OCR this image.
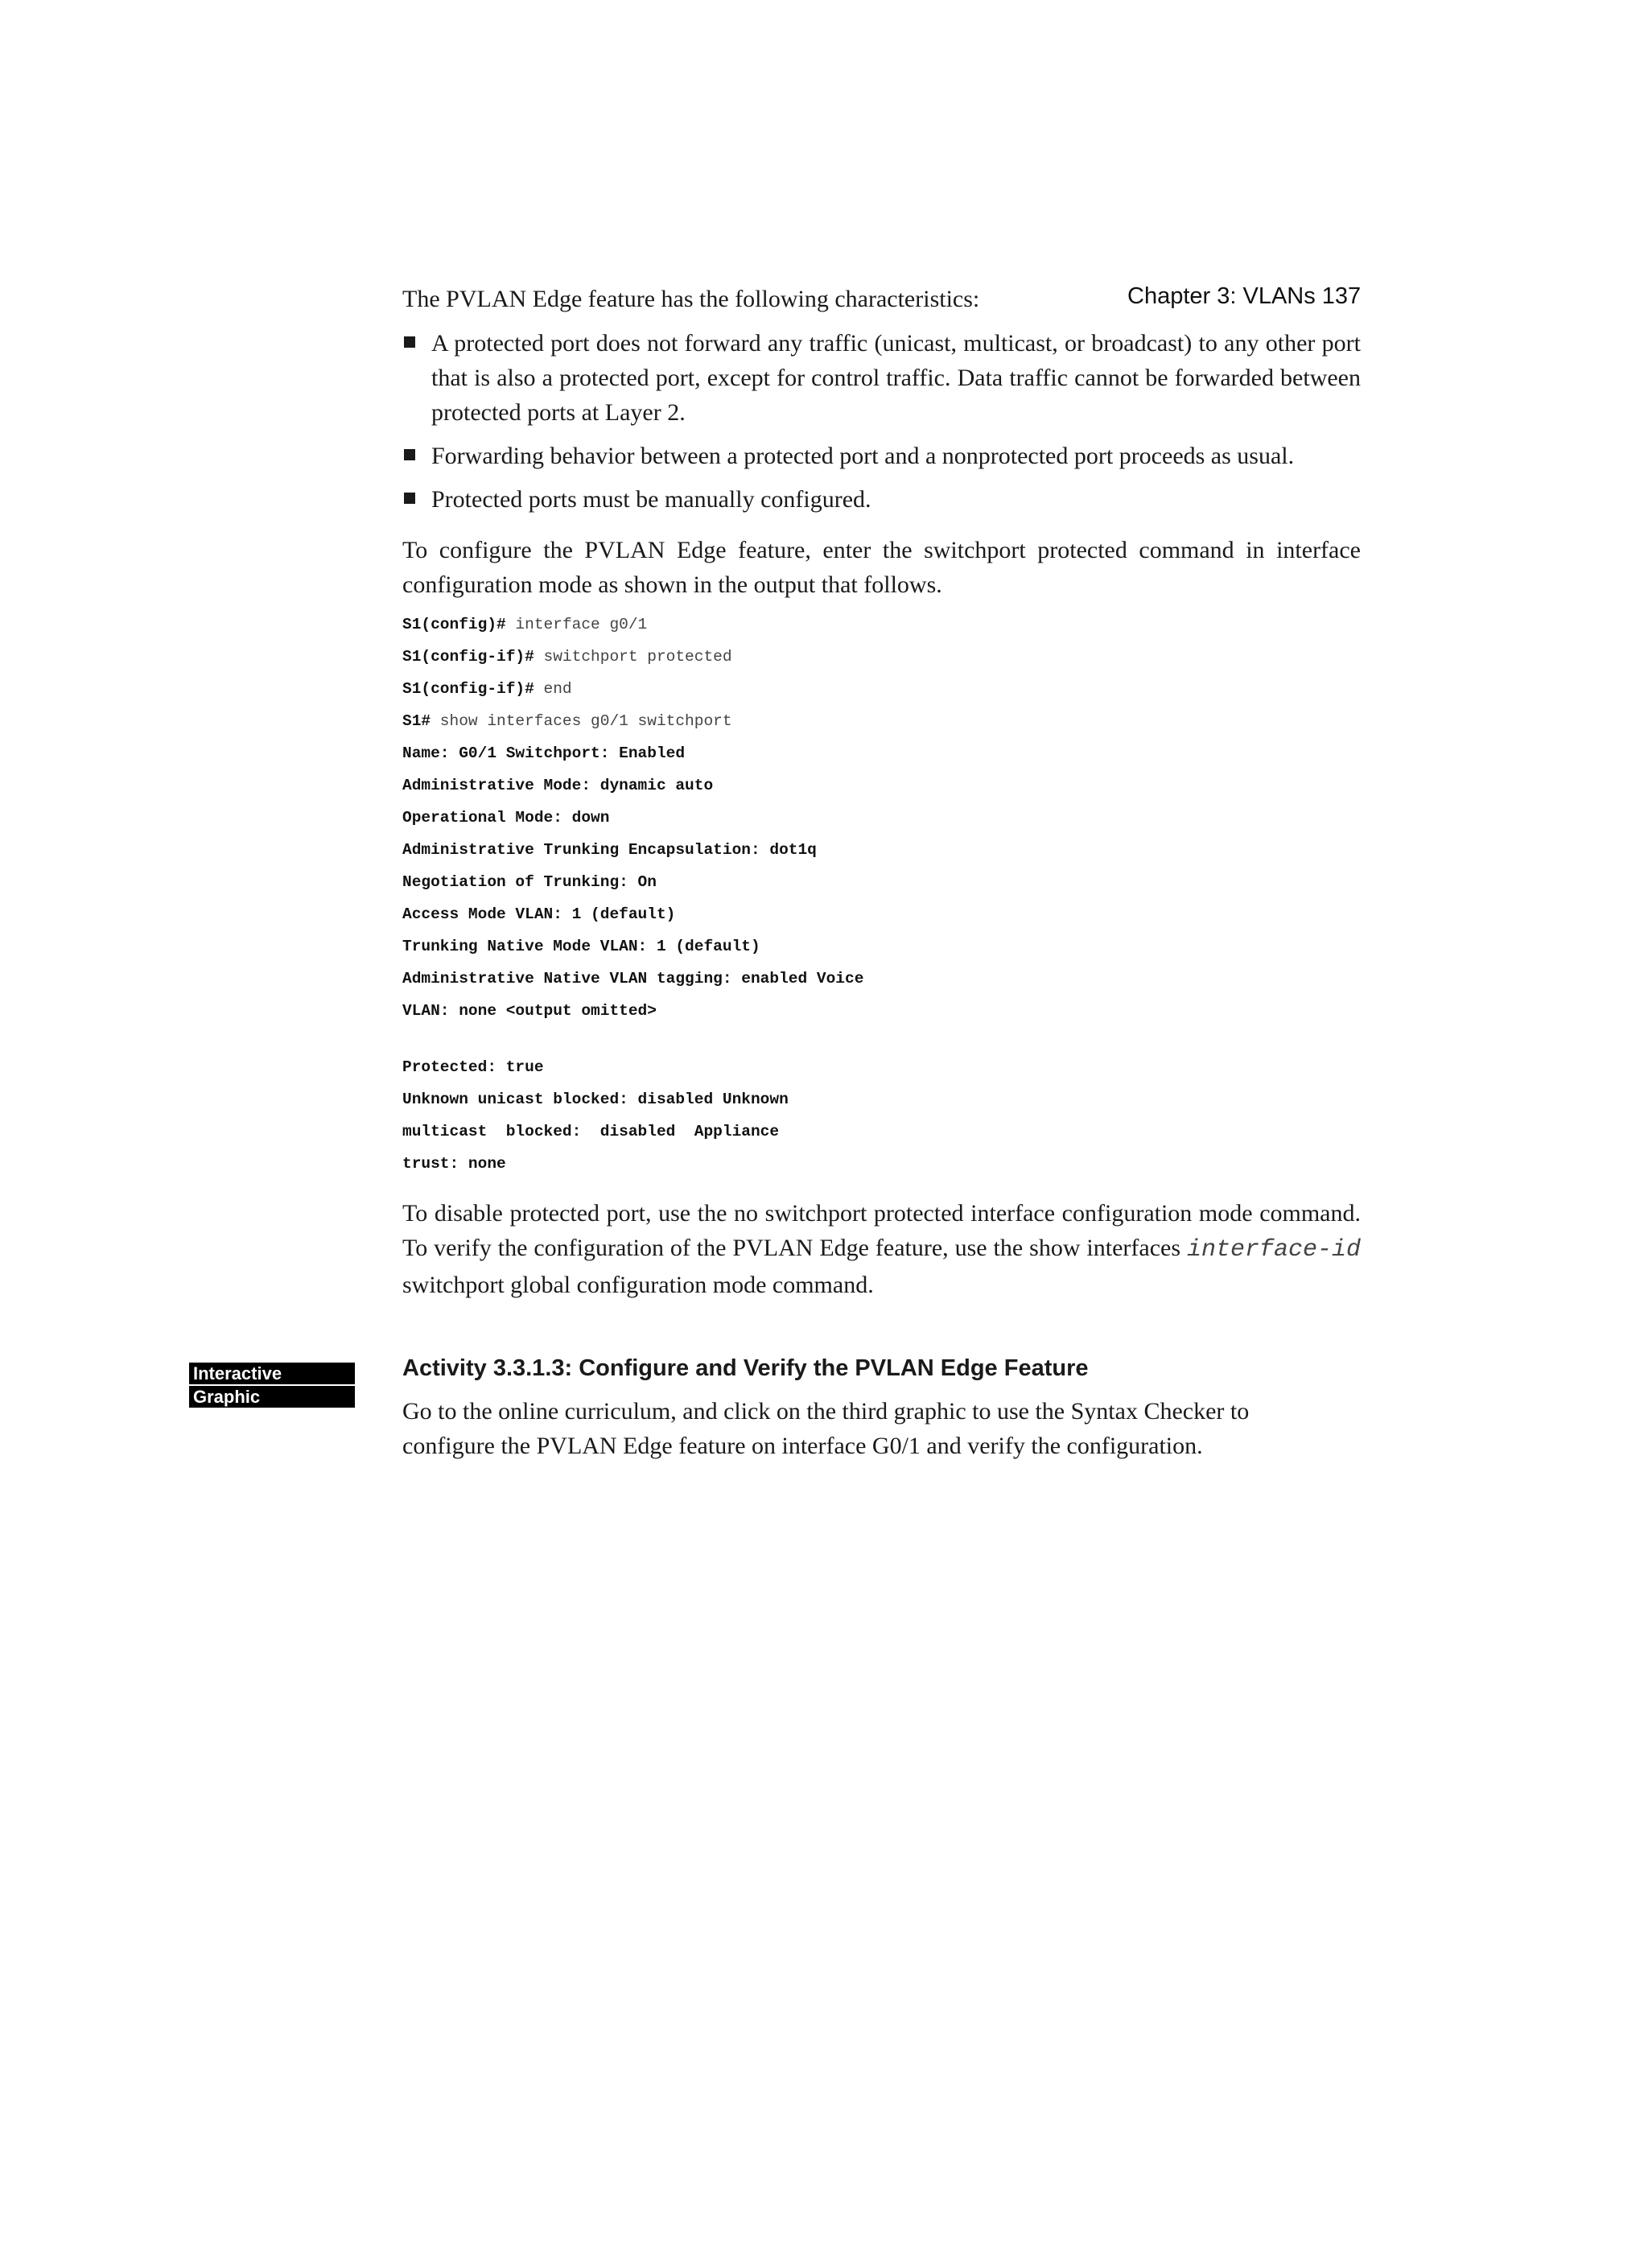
Chapter 3: VLANs 137

The PVLAN Edge feature has the following characteristics:

A protected port does not forward any traffic (unicast, multicast, or broadcast) to any other port that is also a protected port, except for control traffic. Data traffic cannot be forwarded between protected ports at Layer 2.
Forwarding behavior between a protected port and a nonprotected port proceeds as usual.
Protected ports must be manually configured.

To configure the PVLAN Edge feature, enter the switchport protected command in interface configuration mode as shown in the output that follows.

S1(config)# interface g0/1
S1(config-if)# switchport protected
S1(config-if)# end
S1# show interfaces g0/1 switchport
Name: G0/1 Switchport: Enabled
Administrative Mode: dynamic auto
Operational Mode: down
Administrative Trunking Encapsulation: dot1q
Negotiation of Trunking: On
Access Mode VLAN: 1 (default)
Trunking Native Mode VLAN: 1 (default)
Administrative Native VLAN tagging: enabled Voice
VLAN: none <output omitted>
Protected: true
Unknown unicast blocked: disabled Unknown
multicast  blocked:  disabled  Appliance
trust: none

To disable protected port, use the no switchport protected interface configuration mode command. To verify the configuration of the PVLAN Edge feature, use the show interfaces interface-id switchport global configuration mode command.

Interactive
Graphic
Activity 3.3.1.3: Configure and Verify the PVLAN Edge Feature

Go to the online curriculum, and click on the third graphic to use the Syntax Checker to configure the PVLAN Edge feature on interface G0/1 and verify the configuration.
